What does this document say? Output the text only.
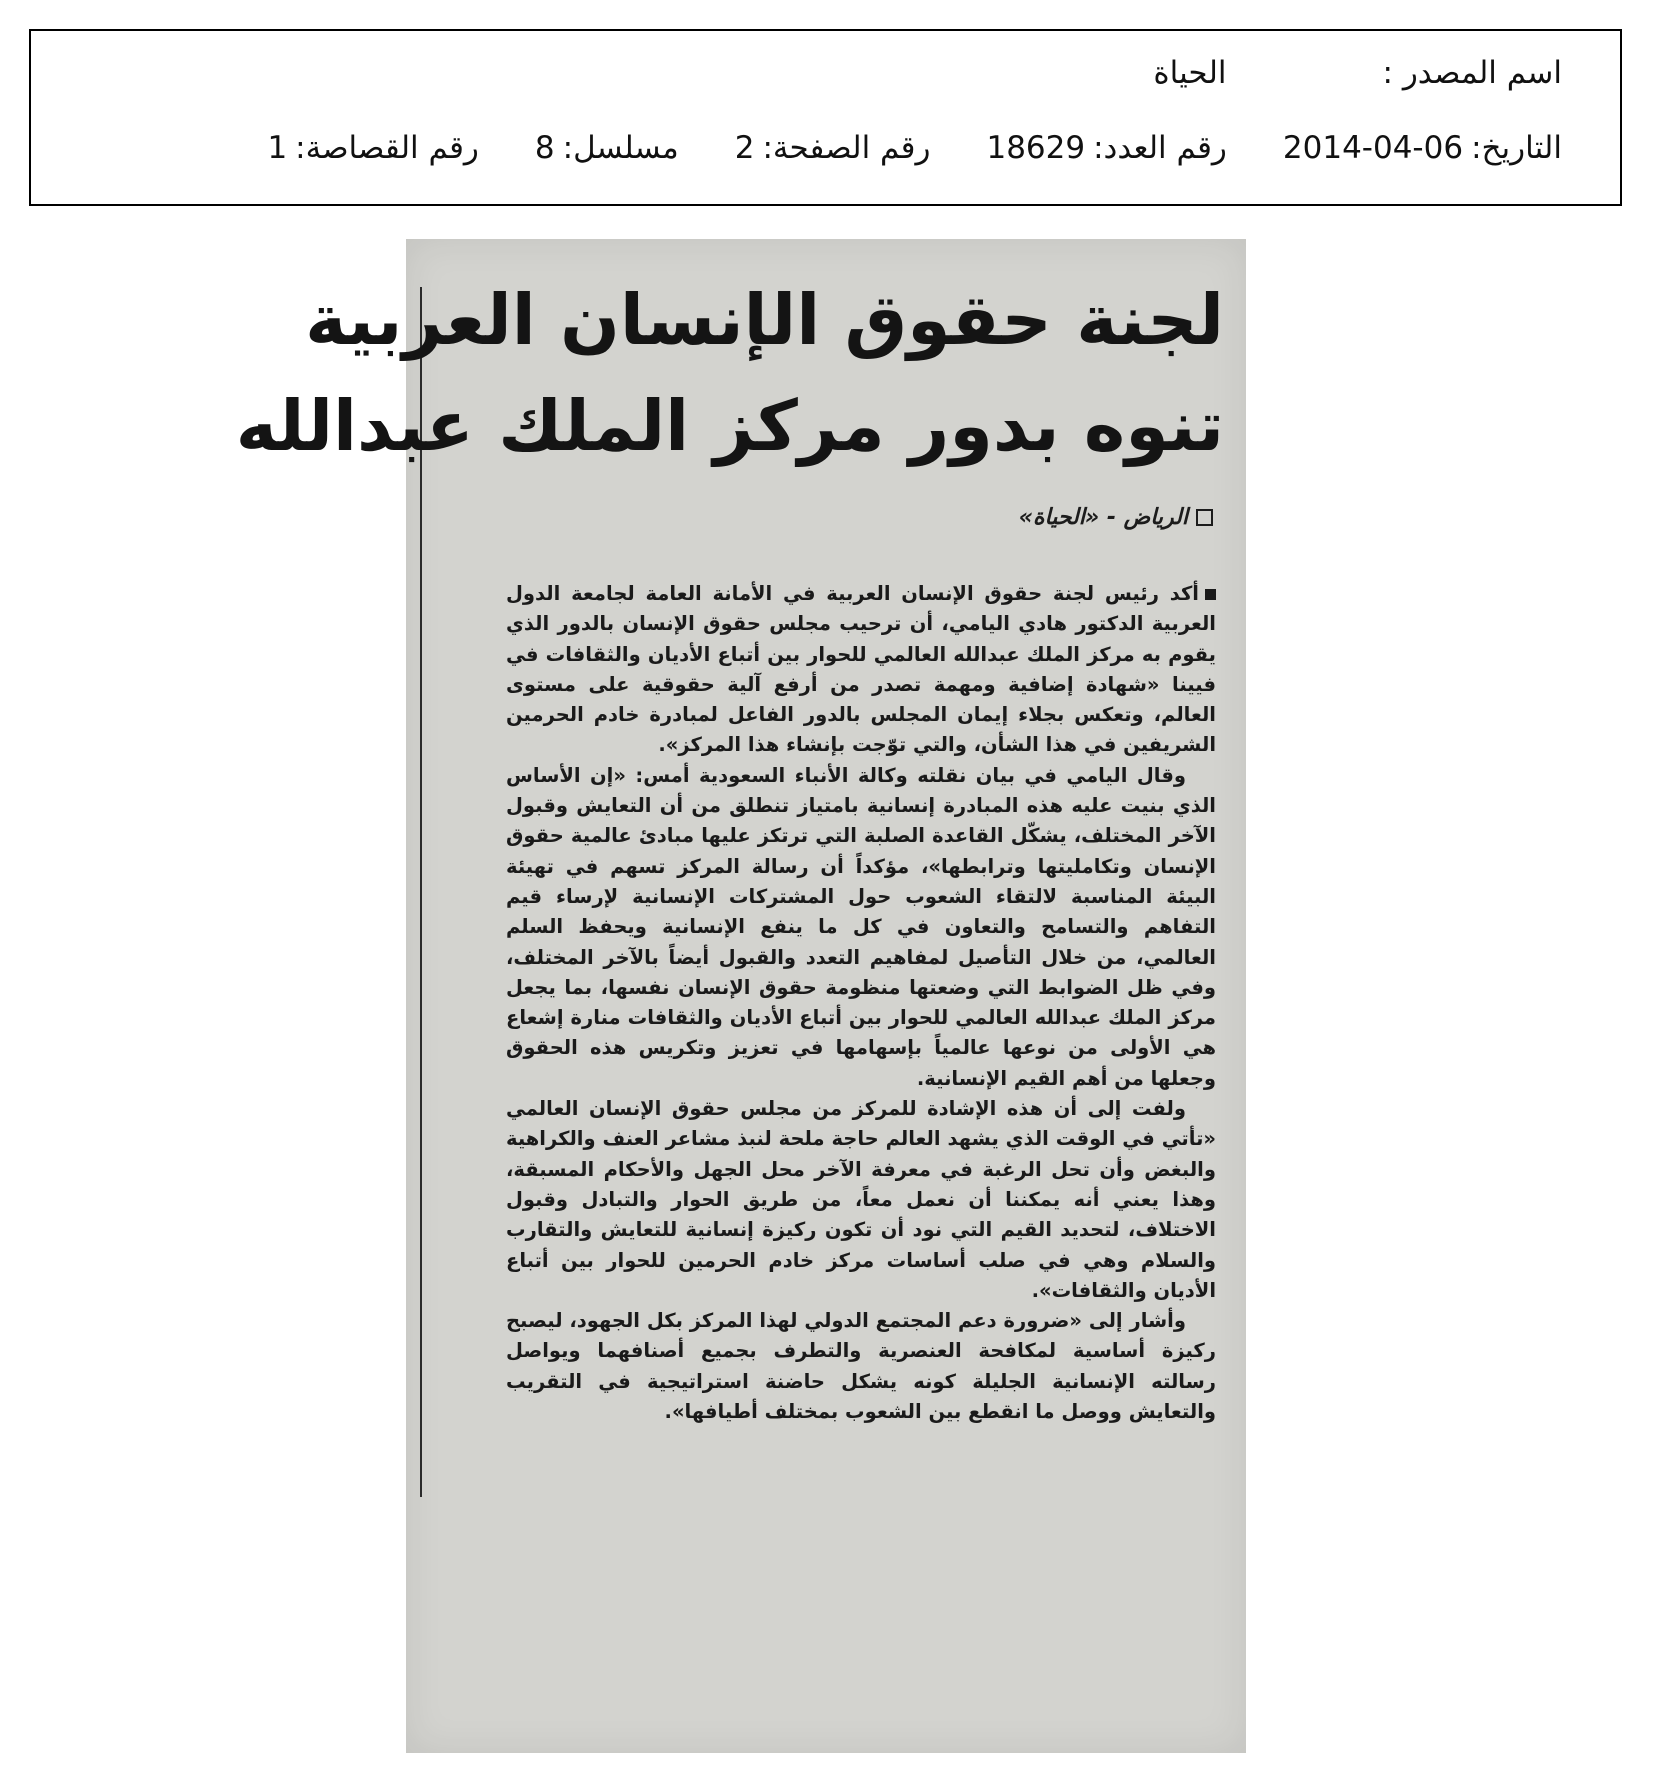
اسم المصدر :
الحياة
التاريخ:
2014-04-06
رقم العدد:
18629
رقم الصفحة:
2
مسلسل:
8
رقم القصاصة:
1
لجنة حقوق الإنسان العربية
تنوه بدور مركز الملك عبدالله
الرياض - «الحياة»

أكد رئيس لجنة حقوق الإنسان العربية في الأمانة العامة لجامعة الدول العربية الدكتور هادي اليامي، أن ترحيب مجلس حقوق الإنسان بالدور الذي يقوم به مركز الملك عبدالله العالمي للحوار بين أتباع الأديان والثقافات في فيينا «شهادة إضافية ومهمة تصدر من أرفع آلية حقوقية على مستوى العالم، وتعكس بجلاء إيمان المجلس بالدور الفاعل لمبادرة خادم الحرمين الشريفين في هذا الشأن، والتي توّجت بإنشاء هذا المركز».

وقال اليامي في بيان نقلته وكالة الأنباء السعودية أمس: «إن الأساس الذي بنيت عليه هذه المبادرة إنسانية بامتياز تنطلق من أن التعايش وقبول الآخر المختلف، يشكّل القاعدة الصلبة التي ترتكز عليها مبادئ عالمية حقوق الإنسان وتكامليتها وترابطها»، مؤكداً أن رسالة المركز تسهم في تهيئة البيئة المناسبة لالتقاء الشعوب حول المشتركات الإنسانية لإرساء قيم التفاهم والتسامح والتعاون في كل ما ينفع الإنسانية ويحفظ السلم العالمي، من خلال التأصيل لمفاهيم التعدد والقبول أيضاً بالآخر المختلف، وفي ظل الضوابط التي وضعتها منظومة حقوق الإنسان نفسها، بما يجعل مركز الملك عبدالله العالمي للحوار بين أتباع الأديان والثقافات منارة إشعاع هي الأولى من نوعها عالمياً بإسهامها في تعزيز وتكريس هذه الحقوق وجعلها من أهم القيم الإنسانية.

ولفت إلى أن هذه الإشادة للمركز من مجلس حقوق الإنسان العالمي «تأتي في الوقت الذي يشهد العالم حاجة ملحة لنبذ مشاعر العنف والكراهية والبغض وأن تحل الرغبة في معرفة الآخر محل الجهل والأحكام المسبقة، وهذا يعني أنه يمكننا أن نعمل معاً، من طريق الحوار والتبادل وقبول الاختلاف، لتحديد القيم التي نود أن تكون ركيزة إنسانية للتعايش والتقارب والسلام وهي في صلب أساسات مركز خادم الحرمين للحوار بين أتباع الأديان والثقافات».

وأشار إلى «ضرورة دعم المجتمع الدولي لهذا المركز بكل الجهود، ليصبح ركيزة أساسية لمكافحة العنصرية والتطرف بجميع أصنافهما ويواصل رسالته الإنسانية الجليلة كونه يشكل حاضنة استراتيجية في التقريب والتعايش ووصل ما انقطع بين الشعوب بمختلف أطيافها».
